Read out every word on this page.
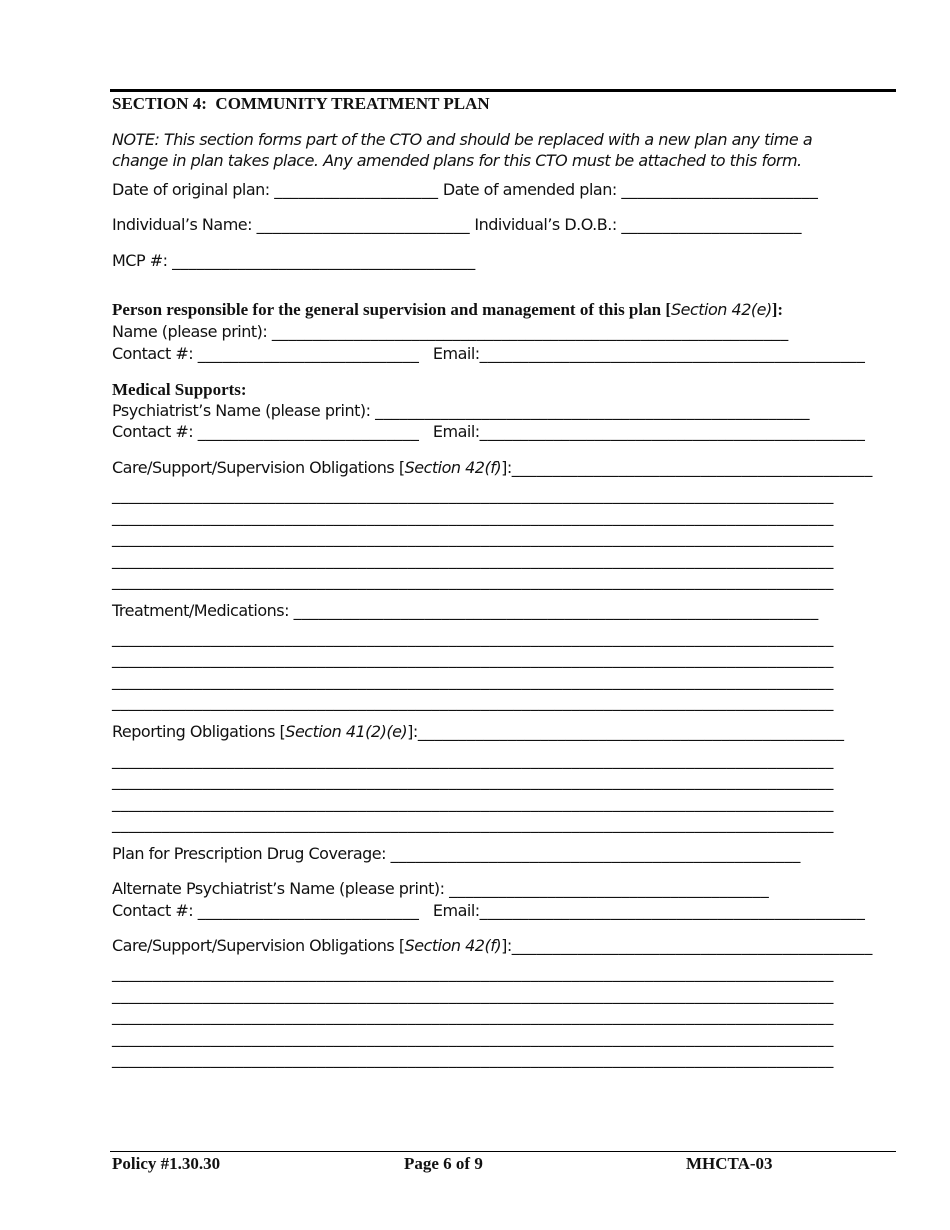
SECTION 4:  COMMUNITY TREATMENT PLAN
NOTE: This section forms part of the CTO and should be replaced with a new plan any time a
change in plan takes place. Any amended plans for this CTO must be attached to this form.
Date of original plan: ____________________ Date of amended plan: ________________________
Individual’s Name: __________________________ Individual’s D.O.B.: ______________________
MCP #: _____________________________________
Person responsible for the general supervision and management of this plan [Section 42(e)]:
Name (please print): _______________________________________________________________
Contact #: ___________________________ Email:_______________________________________________
Medical Supports:
Psychiatrist’s Name (please print): _____________________________________________________
Contact #: ___________________________ Email:_______________________________________________
Care/Support/Supervision Obligations [Section 42(f)]:____________________________________________
________________________________________________________________________________________
________________________________________________________________________________________
________________________________________________________________________________________
________________________________________________________________________________________
________________________________________________________________________________________
Treatment/Medications: ________________________________________________________________
________________________________________________________________________________________
________________________________________________________________________________________
________________________________________________________________________________________
________________________________________________________________________________________
Reporting Obligations [Section 41(2)(e)]:____________________________________________________
________________________________________________________________________________________
________________________________________________________________________________________
________________________________________________________________________________________
________________________________________________________________________________________
Plan for Prescription Drug Coverage: __________________________________________________
Alternate Psychiatrist’s Name (please print): _______________________________________
Contact #: ___________________________ Email:_______________________________________________
Care/Support/Supervision Obligations [Section 42(f)]:____________________________________________
________________________________________________________________________________________
________________________________________________________________________________________
________________________________________________________________________________________
________________________________________________________________________________________
________________________________________________________________________________________
Policy #1.30.30	Page 6 of 9	MHCTA-03
